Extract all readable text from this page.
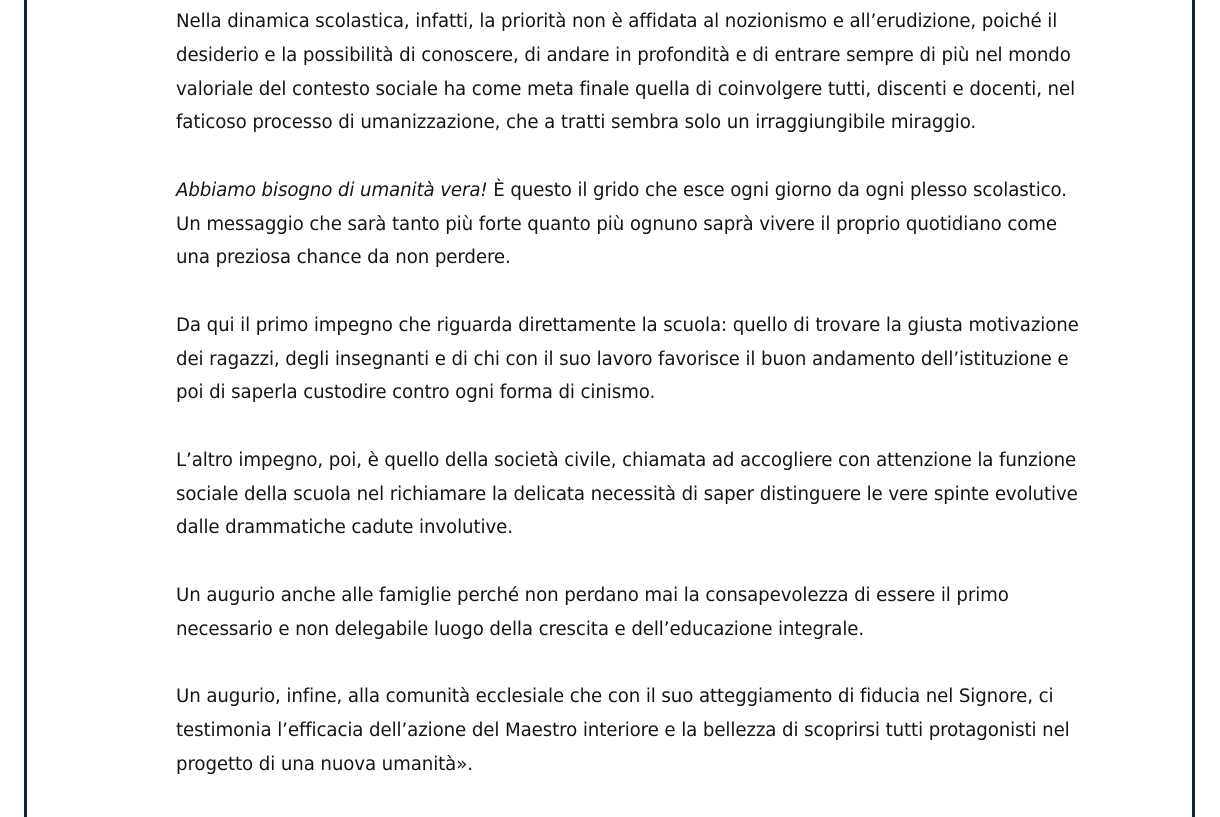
Nella dinamica scolastica, infatti, la priorità non è affidata al nozionismo e all’erudizione, poiché il desiderio e la possibilità di conoscere, di andare in profondità e di entrare sempre di più nel mondo valoriale del contesto sociale ha come meta finale quella di coinvolgere tutti, discenti e docenti, nel faticoso processo di umanizzazione, che a tratti sembra solo un irraggiungibile miraggio.

Abbiamo bisogno di umanità vera! È questo il grido che esce ogni giorno da ogni plesso scolastico. Un messaggio che sarà tanto più forte quanto più ognuno saprà vivere il proprio quotidiano come una preziosa chance da non perdere.

Da qui il primo impegno che riguarda direttamente la scuola: quello di trovare la giusta motivazione dei ragazzi, degli insegnanti e di chi con il suo lavoro favorisce il buon andamento dell’istituzione e poi di saperla custodire contro ogni forma di cinismo.

L’altro impegno, poi, è quello della società civile, chiamata ad accogliere con attenzione la funzione sociale della scuola nel richiamare la delicata necessità di saper distinguere le vere spinte evolutive dalle drammatiche cadute involutive.

Un augurio anche alle famiglie perché non perdano mai la consapevolezza di essere il primo necessario e non delegabile luogo della crescita e dell’educazione integrale.

Un augurio, infine, alla comunità ecclesiale che con il suo atteggiamento di fiducia nel Signore, ci testimonia l’efficacia dell’azione del Maestro interiore e la bellezza di scoprirsi tutti protagonisti nel progetto di una nuova umanità».
